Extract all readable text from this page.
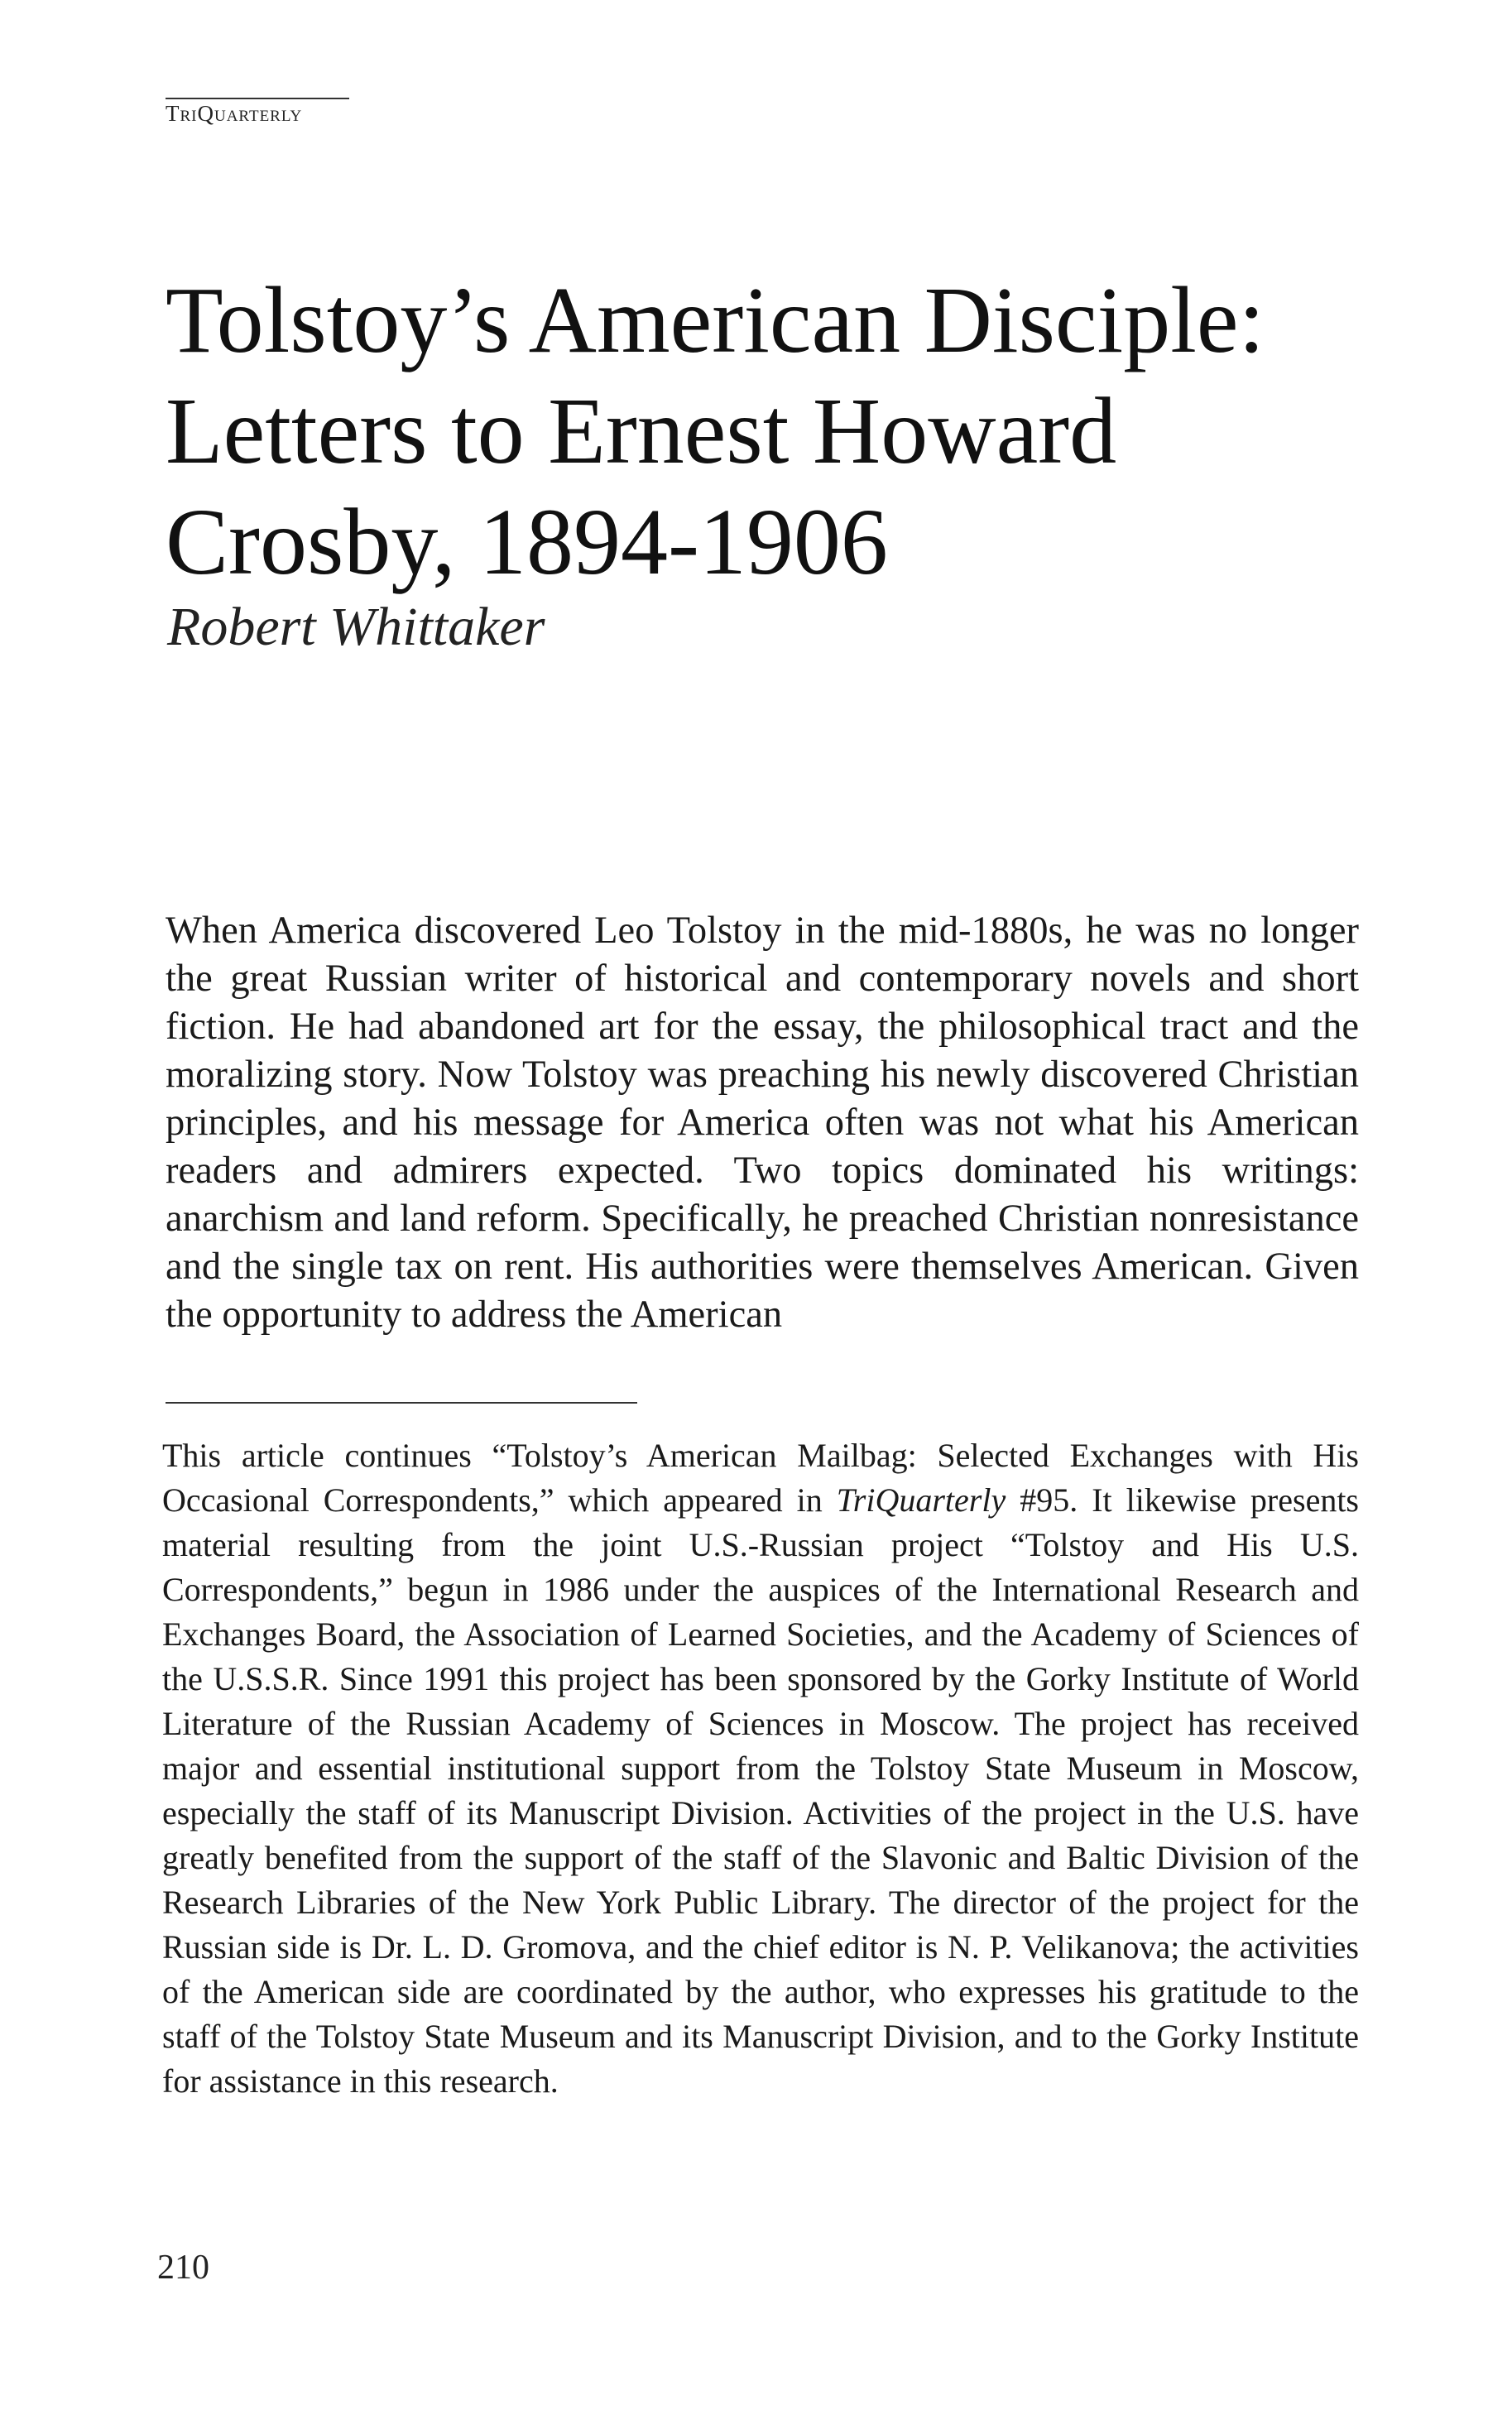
TriQuarterly
Tolstoy’s American Disciple: Letters to Ernest Howard Crosby, 1894-1906
Robert Whittaker

When America discovered Leo Tolstoy in the mid-1880s, he was no longer the great Russian writer of historical and contemporary novels and short fiction. He had abandoned art for the essay, the philosophical tract and the moralizing story. Now Tolstoy was preaching his newly discovered Christian principles, and his message for America often was not what his American readers and admirers expected. Two topics dominated his writings: anarchism and land reform. Specifically, he preached Christian nonresistance and the single tax on rent. His authorities were themselves American. Given the opportunity to address the American

This article continues “Tolstoy’s American Mailbag: Selected Exchanges with His Occasional Correspondents,” which appeared in TriQuarterly #95. It likewise presents material resulting from the joint U.S.-Russian project “Tolstoy and His U.S. Correspondents,” begun in 1986 under the auspices of the International Research and Exchanges Board, the Association of Learned Societies, and the Academy of Sciences of the U.S.S.R. Since 1991 this project has been sponsored by the Gorky Institute of World Literature of the Russian Academy of Sciences in Moscow. The project has received major and essential institutional support from the Tolstoy State Museum in Moscow, especially the staff of its Manuscript Division. Activities of the project in the U.S. have greatly benefited from the support of the staff of the Slavonic and Baltic Division of the Research Libraries of the New York Public Library. The director of the project for the Russian side is Dr. L. D. Gromova, and the chief editor is N. P. Velikanova; the activities of the American side are coordinated by the author, who expresses his gratitude to the staff of the Tolstoy State Museum and its Manuscript Division, and to the Gorky Institute for assistance in this research.

210
